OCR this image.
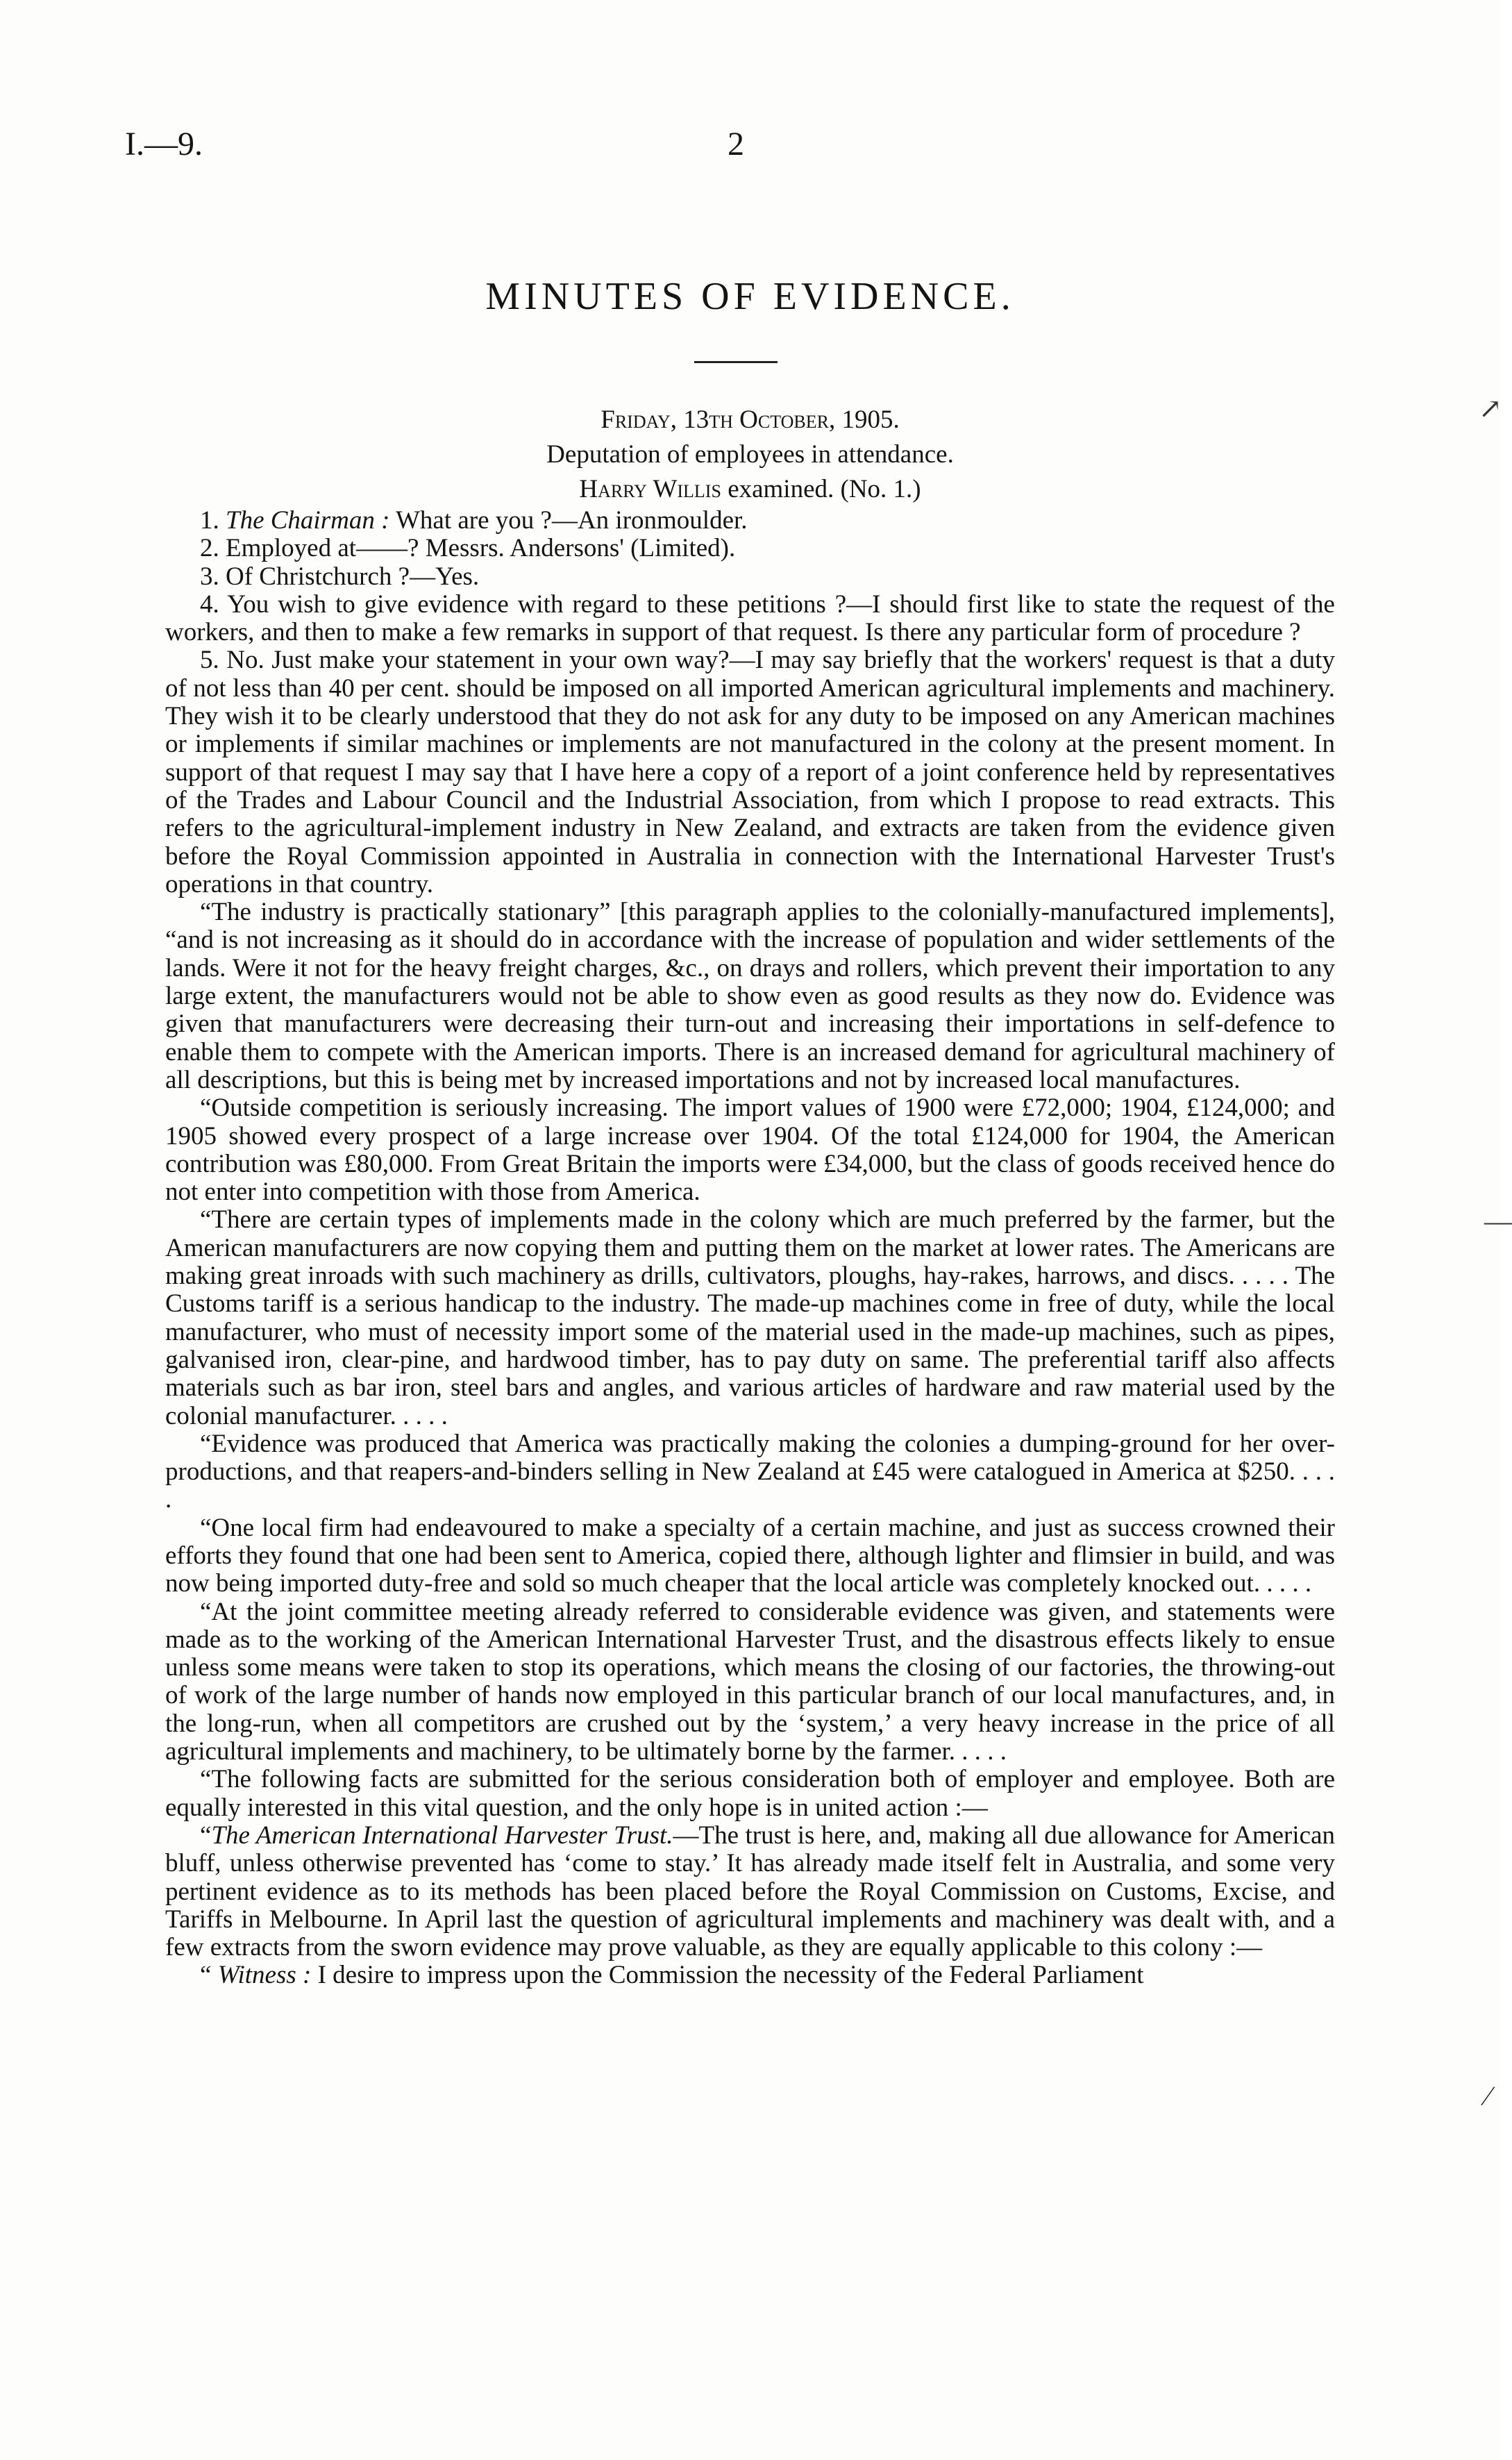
I.—9.	2
MINUTES OF EVIDENCE.
Friday, 13th October, 1905.
Deputation of employees in attendance.
Harry Willis examined. (No. 1.)

1. The Chairman : What are you ?—An ironmoulder.

2. Employed at——? Messrs. Andersons' (Limited).

3. Of Christchurch ?—Yes.

4. You wish to give evidence with regard to these petitions ?—I should first like to state the request of the workers, and then to make a few remarks in support of that request. Is there any particular form of procedure ?

5. No. Just make your statement in your own way?—I may say briefly that the workers' request is that a duty of not less than 40 per cent. should be imposed on all imported American agricultural implements and machinery. They wish it to be clearly understood that they do not ask for any duty to be imposed on any American machines or implements if similar machines or implements are not manufactured in the colony at the present moment. In support of that request I may say that I have here a copy of a report of a joint conference held by representatives of the Trades and Labour Council and the Industrial Association, from which I propose to read extracts. This refers to the agricultural-implement industry in New Zealand, and extracts are taken from the evidence given before the Royal Commission appointed in Australia in connection with the International Harvester Trust's operations in that country.

“The industry is practically stationary” [this paragraph applies to the colonially-manufactured implements], “and is not increasing as it should do in accordance with the increase of population and wider settlements of the lands. Were it not for the heavy freight charges, &c., on drays and rollers, which prevent their importation to any large extent, the manufacturers would not be able to show even as good results as they now do. Evidence was given that manufacturers were decreasing their turn-out and increasing their importations in self-defence to enable them to compete with the American imports. There is an increased demand for agricultural machinery of all descriptions, but this is being met by increased importations and not by increased local manufactures.

“Outside competition is seriously increasing. The import values of 1900 were £72,000; 1904, £124,000; and 1905 showed every prospect of a large increase over 1904. Of the total £124,000 for 1904, the American contribution was £80,000. From Great Britain the imports were £34,000, but the class of goods received hence do not enter into competition with those from America.

“There are certain types of implements made in the colony which are much preferred by the farmer, but the American manufacturers are now copying them and putting them on the market at lower rates. The Americans are making great inroads with such machinery as drills, cultivators, ploughs, hay-rakes, harrows, and discs. . . . . The Customs tariff is a serious handicap to the industry. The made-up machines come in free of duty, while the local manufacturer, who must of necessity import some of the material used in the made-up machines, such as pipes, galvanised iron, clear-pine, and hardwood timber, has to pay duty on same. The preferential tariff also affects materials such as bar iron, steel bars and angles, and various articles of hardware and raw material used by the colonial manufacturer. . . . .

“Evidence was produced that America was practically making the colonies a dumping-ground for her over-productions, and that reapers-and-binders selling in New Zealand at £45 were catalogued in America at $250. . . . .

“One local firm had endeavoured to make a specialty of a certain machine, and just as success crowned their efforts they found that one had been sent to America, copied there, although lighter and flimsier in build, and was now being imported duty-free and sold so much cheaper that the local article was completely knocked out. . . . .

“At the joint committee meeting already referred to considerable evidence was given, and statements were made as to the working of the American International Harvester Trust, and the disastrous effects likely to ensue unless some means were taken to stop its operations, which means the closing of our factories, the throwing-out of work of the large number of hands now employed in this particular branch of our local manufactures, and, in the long-run, when all competitors are crushed out by the ‘system,’ a very heavy increase in the price of all agricultural implements and machinery, to be ultimately borne by the farmer. . . . .

“The following facts are submitted for the serious consideration both of employer and employee. Both are equally interested in this vital question, and the only hope is in united action :—

“The American International Harvester Trust.—The trust is here, and, making all due allowance for American bluff, unless otherwise prevented has ‘come to stay.’ It has already made itself felt in Australia, and some very pertinent evidence as to its methods has been placed before the Royal Commission on Customs, Excise, and Tariffs in Melbourne. In April last the question of agricultural implements and machinery was dealt with, and a few extracts from the sworn evidence may prove valuable, as they are equally applicable to this colony :—

“ Witness : I desire to impress upon the Commission the necessity of the Federal Parliament

↗
—
⁄
